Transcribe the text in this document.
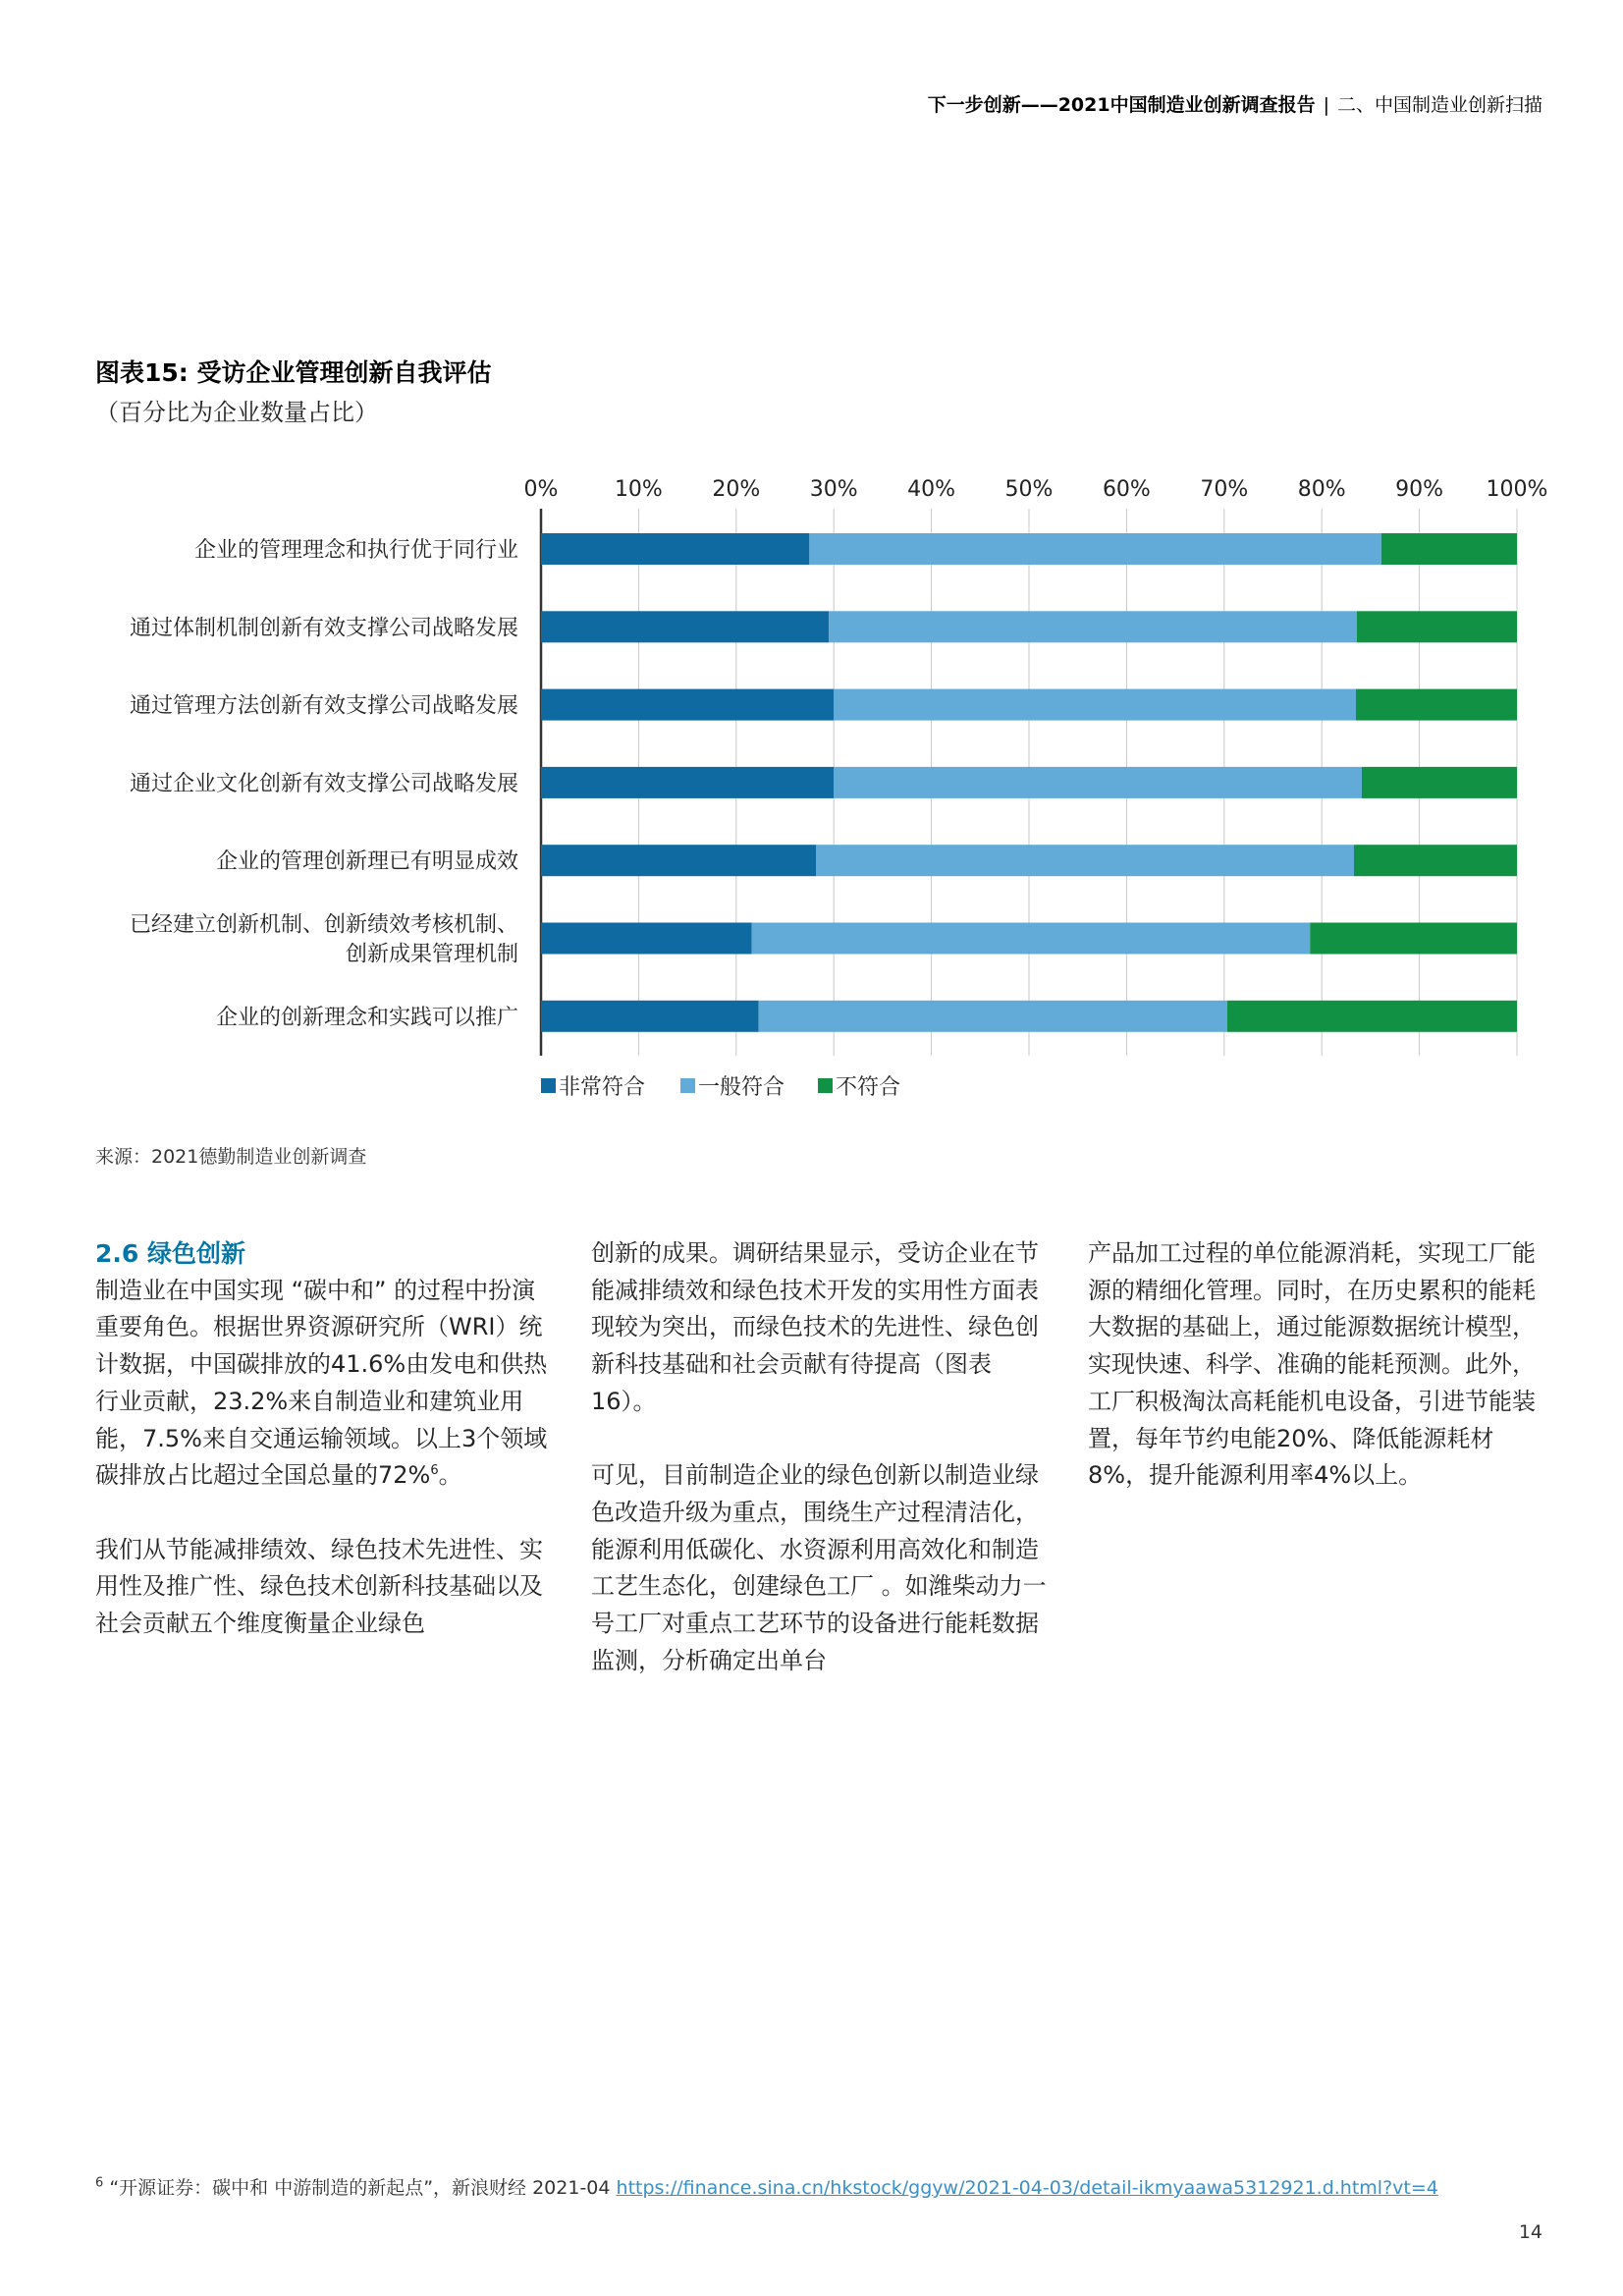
下一步创新——2021中国制造业创新调查报告 | 二、中国制造业创新扫描
图表15: 受访企业管理创新自我评估
（百分比为企业数量占比）
0%	10% 20% 30% 40% 50% 60% 70% 80% 90% 100%
企业的管理理念和执行优于同行业
通过体制机制创新有效支撑公司战略发展
通过管理方法创新有效支撑公司战略发展
通过企业文化创新有效支撑公司战略发展
企业的管理创新理已有明显成效
已经建立创新机制、创新绩效考核机制、
创新成果管理机制
企业的创新理念和实践可以推广
非常符合 一般符合 不符合
来源：2021德勤制造业创新调查
2.6 绿色创新

制造业在中国实现 “碳中和” 的过程中扮演重要角色。根据世界资源研究所（WRI）统计数据，中国碳排放的41.6%由发电和供热行业贡献，23.2%来自制造业和建筑业用能，7.5%来自交通运输领域。以上3个领域碳排放占比超过全国总量的72%$^6$。

我们从节能减排绩效、绿色技术先进性、实用性及推广性、绿色技术创新科技基础以及社会贡献五个维度衡量企业绿色

创新的成果。调研结果显示，受访企业在节能减排绩效和绿色技术开发的实用性方面表现较为突出，而绿色技术的先进性、绿色创新科技基础和社会贡献有待提高（图表16）。

可见，目前制造企业的绿色创新以制造业绿色改造升级为重点，围绕生产过程清洁化，能源利用低碳化、水资源利用高效化和制造工艺生态化，创建绿色工厂 。如潍柴动力一号工厂对重点工艺环节的设备进行能耗数据监测，分析确定出单台

产品加工过程的单位能源消耗，实现工厂能源的精细化管理。同时，在历史累积的能耗大数据的基础上，通过能源数据统计模型，实现快速、科学、准确的能耗预测。此外，工厂积极淘汰高耗能机电设备，引进节能装置，每年节约电能20%、降低能源耗材8%，提升能源利用率4%以上。

$^6$ “开源证券：碳中和 中游制造的新起点”，新浪财经 2021-04 https://finance.sina.cn/hkstock/ggyw/2021-04-03/detail-ikmyaawa5312921.d.html?vt=4
14
